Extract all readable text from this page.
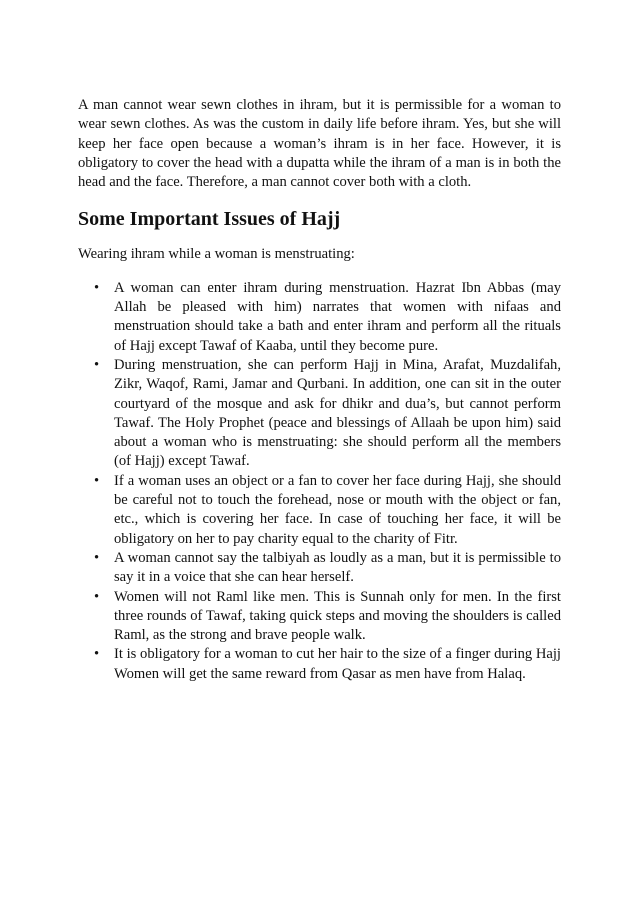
A man cannot wear sewn clothes in ihram, but it is permissible for a woman to wear sewn clothes. As was the custom in daily life before ihram. Yes, but she will keep her face open because a woman’s ihram is in her face. However, it is obligatory to cover the head with a dupatta while the ihram of a man is in both the head and the face. Therefore, a man cannot cover both with a cloth.

Some Important Issues of Hajj

Wearing ihram while a woman is menstruating:

• A woman can enter ihram during menstruation. Hazrat Ibn Abbas (may Allah be pleased with him) narrates that women with nifaas and menstruation should take a bath and enter ihram and perform all the rituals of Hajj except Tawaf of Kaaba, until they become pure.
• During menstruation, she can perform Hajj in Mina, Arafat, Muzdalifah, Zikr, Waqof, Rami, Jamar and Qurbani. In addition, one can sit in the outer courtyard of the mosque and ask for dhikr and dua’s, but cannot perform Tawaf. The Holy Prophet (peace and blessings of Allaah be upon him) said about a woman who is menstruating: she should perform all the members (of Hajj) except Tawaf.
• If a woman uses an object or a fan to cover her face during Hajj, she should be careful not to touch the forehead, nose or mouth with the object or fan, etc., which is covering her face. In case of touching her face, it will be obligatory on her to pay charity equal to the charity of Fitr.
• A woman cannot say the talbiyah as loudly as a man, but it is permissible to say it in a voice that she can hear herself.
• Women will not Raml like men. This is Sunnah only for men. In the first three rounds of Tawaf, taking quick steps and moving the shoulders is called Raml, as the strong and brave people walk.
• It is obligatory for a woman to cut her hair to the size of a finger during Hajj Women will get the same reward from Qasar as men have from Halaq.
